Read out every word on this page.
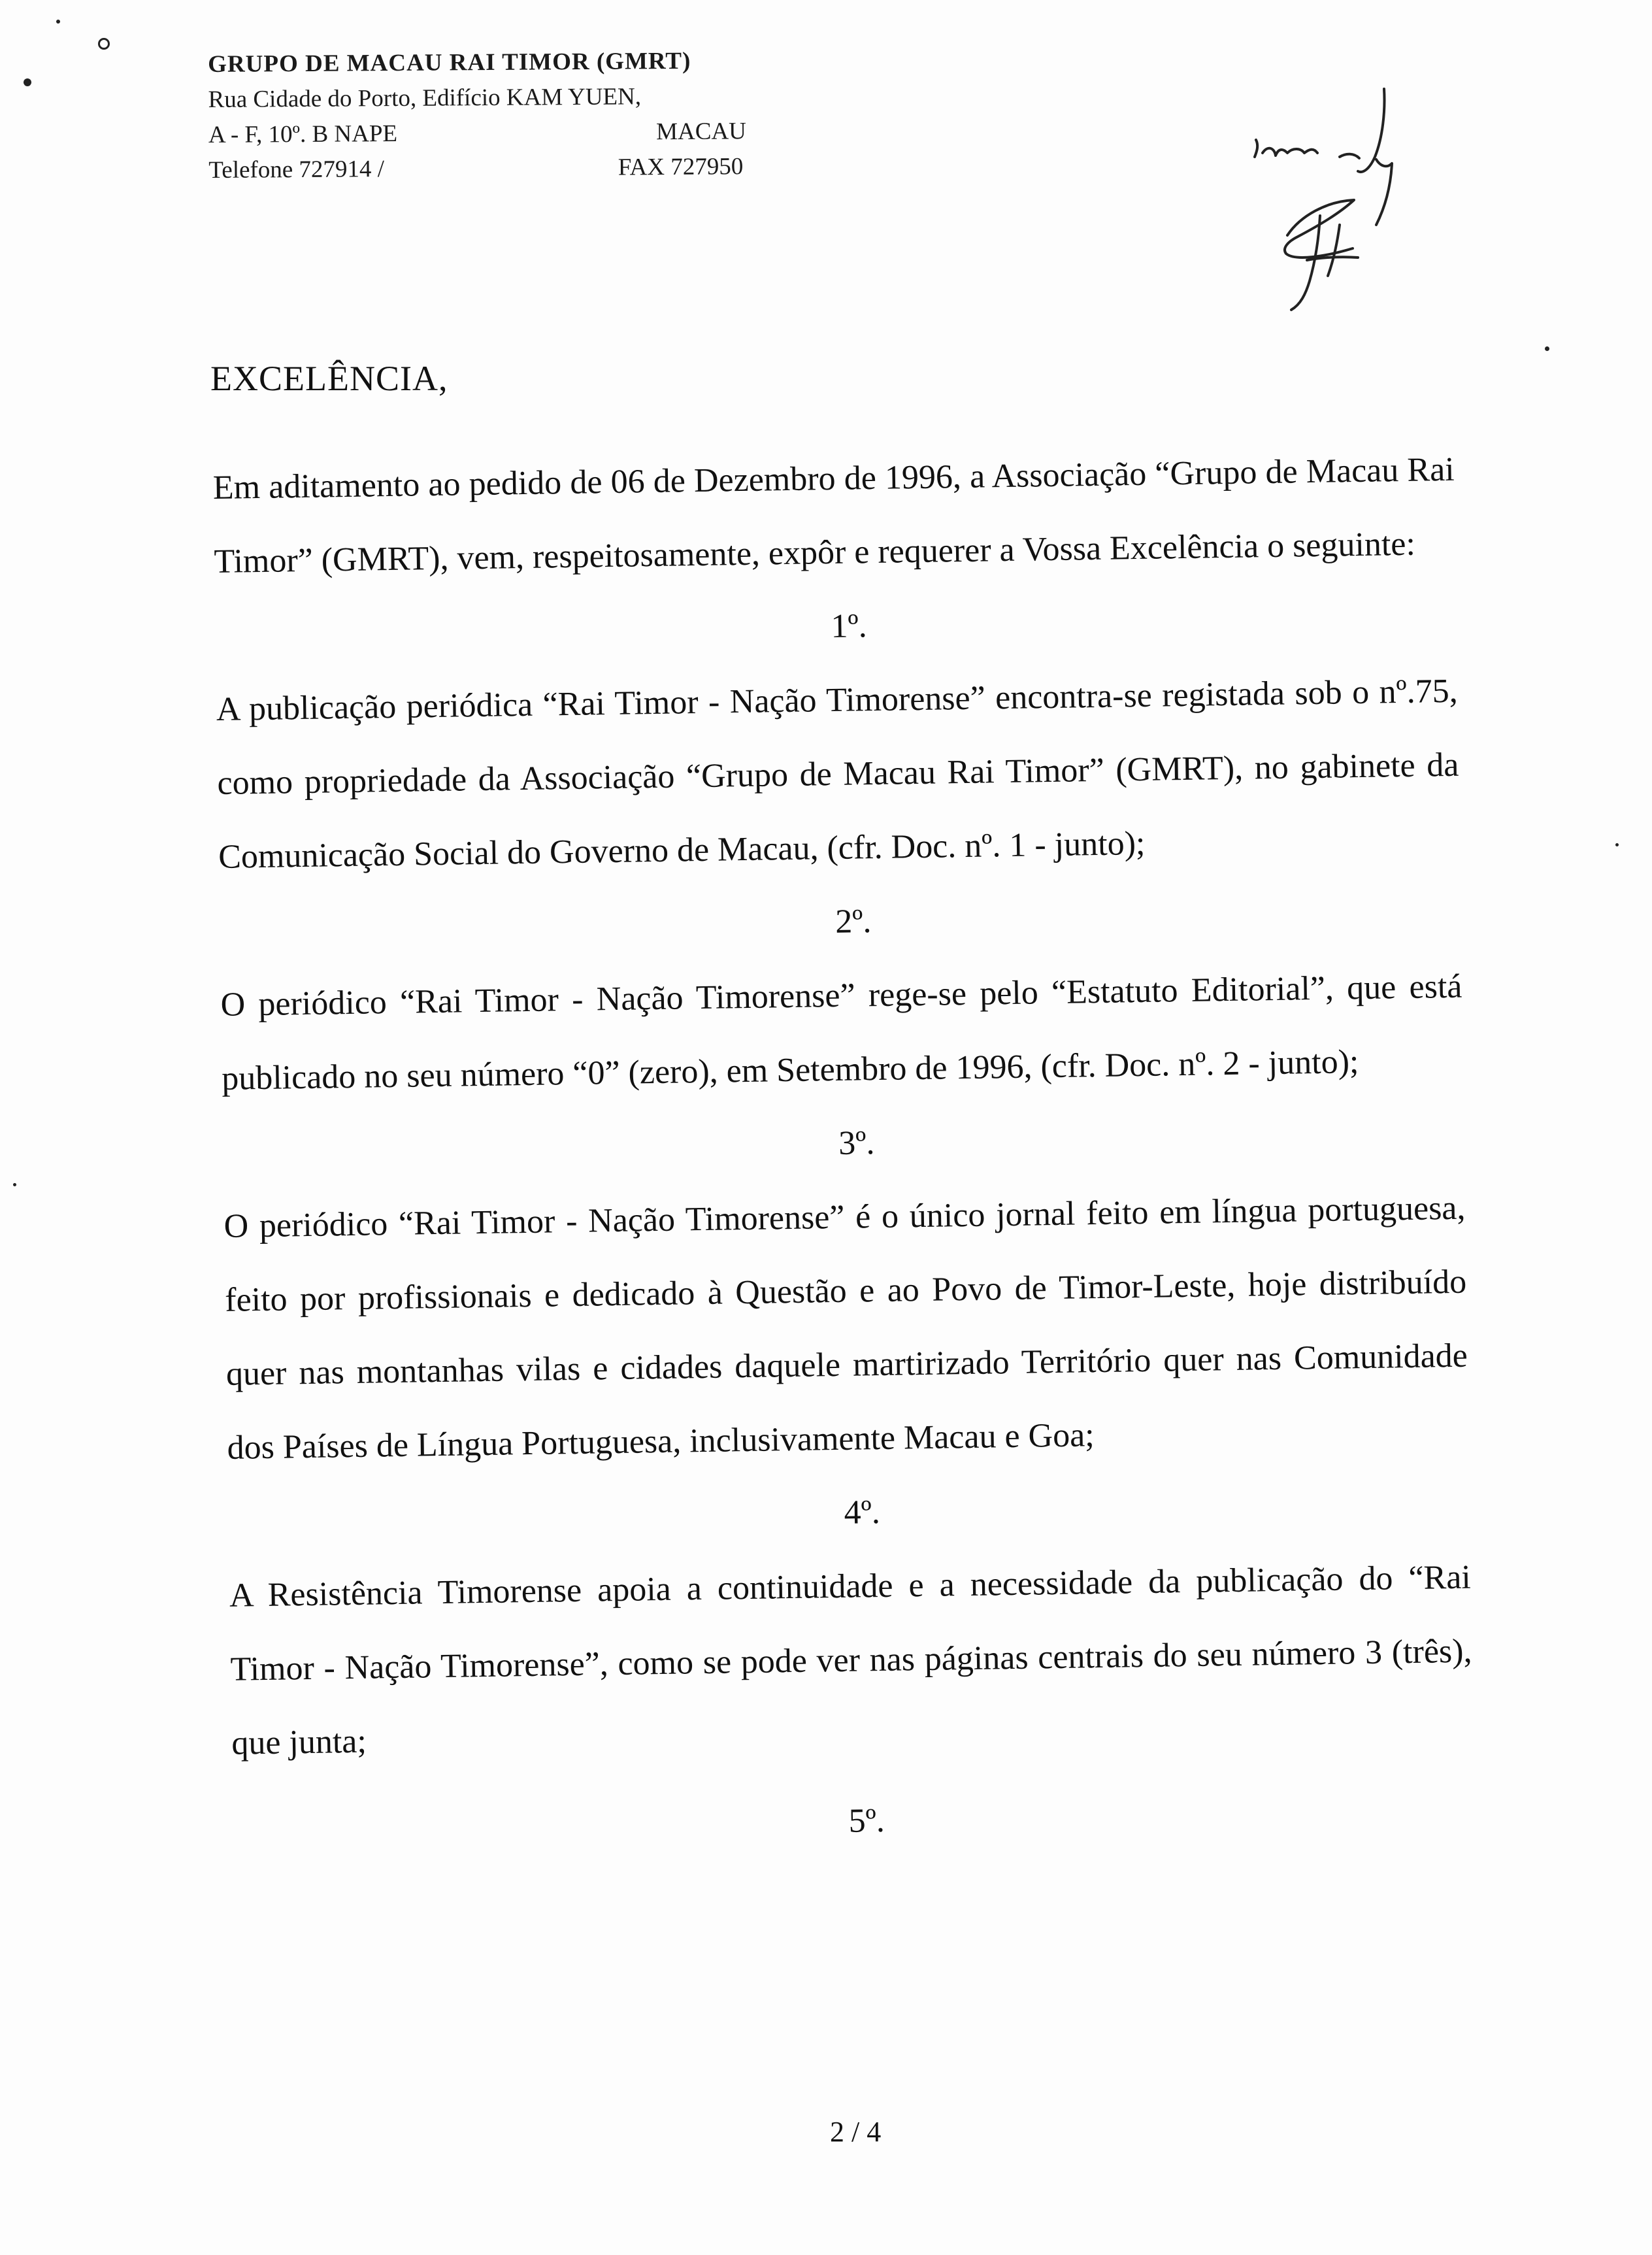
GRUPO DE MACAU RAI TIMOR (GMRT)
Rua Cidade do Porto, Edifício KAM YUEN,
A - F, 10º. B NAPE	MACAU
Telefone 727914 /	FAX 727950
EXCELÊNCIA,

Em aditamento ao pedido de 06 de Dezembro de 1996, a Associação “Grupo de Macau Rai Timor” (GMRT), vem, respeitosamente, expôr e requerer a Vossa Excelência o seguinte:

1º.

A publicação periódica “Rai Timor - Nação Timorense” encontra-se registada sob o nº.75, como propriedade da Associação “Grupo de Macau Rai Timor” (GMRT), no gabinete da Comunicação Social do Governo de Macau, (cfr. Doc. nº. 1 - junto);

2º.

O periódico “Rai Timor - Nação Timorense” rege-se pelo “Estatuto Editorial”, que está publicado no seu número “0” (zero), em Setembro de 1996, (cfr. Doc. nº. 2 - junto);

3º.

O periódico “Rai Timor - Nação Timorense” é o único jornal feito em língua portuguesa, feito por profissionais e dedicado à Questão e ao Povo de Timor-Leste, hoje distribuído quer nas montanhas vilas e cidades daquele martirizado Território quer nas Comunidade dos Países de Língua Portuguesa, inclusivamente Macau e Goa;

4º.

A Resistência Timorense apoia a continuidade e a necessidade da publicação do “Rai Timor - Nação Timorense”, como se pode ver nas páginas centrais do seu número 3 (três), que junta;

5º.

2 / 4
